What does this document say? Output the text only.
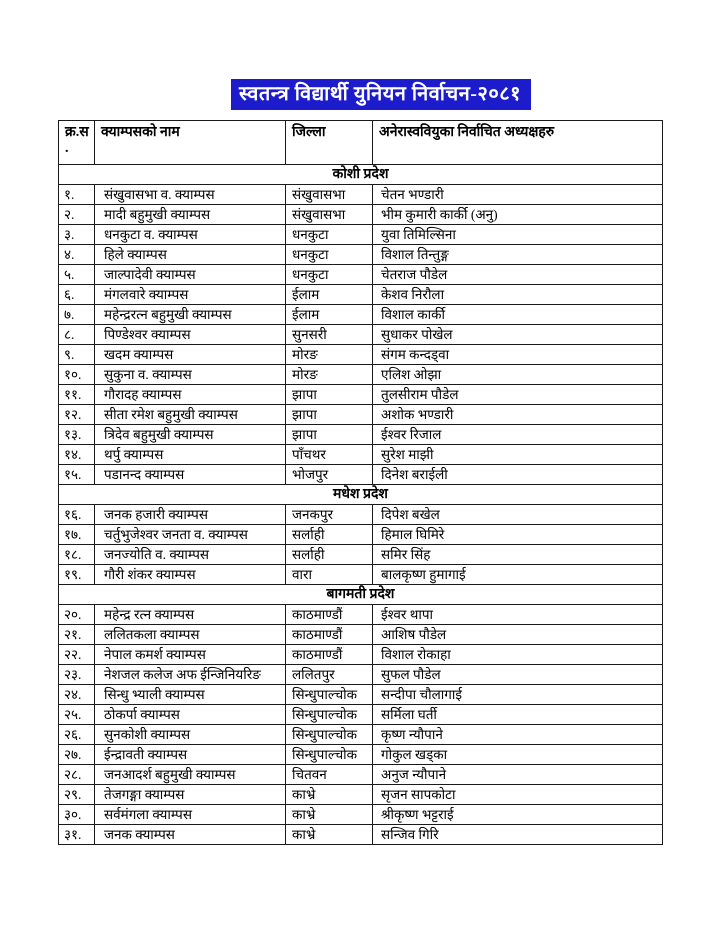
स्वतन्त्र विद्यार्थी युनियन निर्वाचन-२०८१
क्र.स
.	क्याम्पसको नाम	जिल्ला	अनेरास्ववियुका निर्वाचित अध्यक्षहरु
कोशी प्रदेश			
१.	संखुवासभा व. क्याम्पस	संखुवासभा	चेतन भण्डारी
२.	मादी बहुमुखी क्याम्पस	संखुवासभा	भीम कुमारी कार्की (अनु)
३.	धनकुटा व. क्याम्पस	धनकुटा	युवा तिमिल्सिना
४.	हिले क्याम्पस	धनकुटा	विशाल तिन्तुङ्ग
५.	जाल्पादेवी क्याम्पस	धनकुटा	चेतराज पौडेल
६.	मंगलवारे क्याम्पस	ईलाम	केशव निरौला
७.	महेन्द्ररत्न बहुमुखी क्याम्पस	ईलाम	विशाल कार्की
८.	पिण्डेश्वर क्याम्पस	सुनसरी	सुधाकर पोखेल
९.	खदम क्याम्पस	मोरङ	संगम कन्दड्वा
१०.	सुकुना व. क्याम्पस	मोरङ	एलिश ओझा
११.	गौरादह क्याम्पस	झापा	तुलसीराम पौडेल
१२.	सीता रमेश बहुमुखी क्याम्पस	झापा	अशोक भण्डारी
१३.	त्रिदेव बहुमुखी क्याम्पस	झापा	ईश्वर रिजाल
१४.	थर्पु क्याम्पस	पाँचथर	सुरेश माझी
१५.	पडानन्द क्याम्पस	भोजपुर	दिनेश बराईली
मधेश प्रदेश			
१६.	जनक हजारी क्याम्पस	जनकपुर	दिपेश बखेल
१७.	चर्तुभुजेश्वर जनता व. क्याम्पस	सर्लाही	हिमाल घिमिरे
१८.	जनज्योति व. क्याम्पस	सर्लाही	समिर सिंह
१९.	गौरी शंकर क्याम्पस	वारा	बालकृष्ण हुमागाई
बागमती प्रदेश			
२०.	महेन्द्र रत्न क्याम्पस	काठमाण्डौं	ईश्वर थापा
२१.	ललितकला क्याम्पस	काठमाण्डौं	आशिष पौडेल
२२.	नेपाल कमर्श क्याम्पस	काठमाण्डौं	विशाल रोकाहा
२३.	नेशजल कलेज अफ ईन्जिनियरिङ	ललितपुर	सुफल पौडेल
२४.	सिन्धु भ्याली क्याम्पस	सिन्धुपाल्चोक	सन्दीपा चौलागाई
२५.	ठोकर्पा क्याम्पस	सिन्धुपाल्चोक	सर्मिला घर्ती
२६.	सुनकोशी क्याम्पस	सिन्धुपाल्चोक	कृष्ण न्यौपाने
२७.	ईन्द्रावती क्याम्पस	सिन्धुपाल्चोक	गोकुल खड्का
२८.	जनआदर्श बहुमुखी क्याम्पस	चितवन	अनुज न्यौपाने
२९.	तेजगङ्गा क्याम्पस	काभ्रे	सृजन सापकोटा
३०.	सर्वमंगला क्याम्पस	काभ्रे	श्रीकृष्ण भट्टराई
३१.	जनक क्याम्पस	काभ्रे	सन्जिव गिरि
